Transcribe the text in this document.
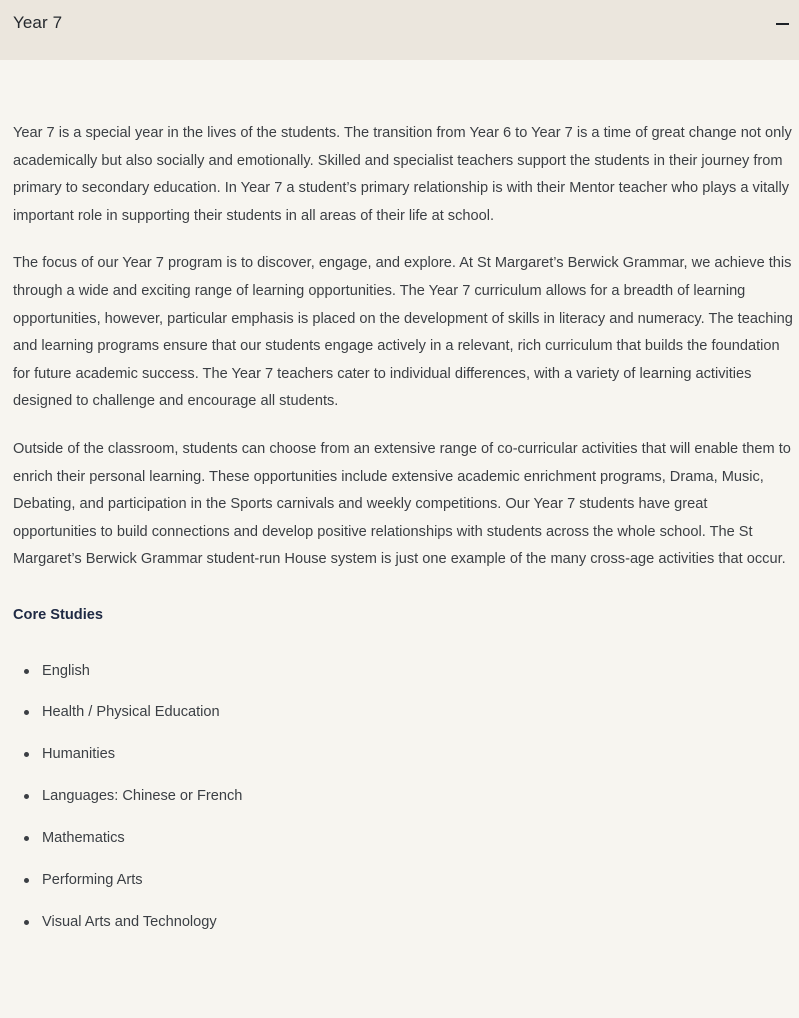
Year 7

Year 7 is a special year in the lives of the students. The transition from Year 6 to Year 7 is a time of great change not only academically but also socially and emotionally. Skilled and specialist teachers support the students in their journey from primary to secondary education. In Year 7 a student’s primary relationship is with their Mentor teacher who plays a vitally important role in supporting their students in all areas of their life at school.

The focus of our Year 7 program is to discover, engage, and explore. At St Margaret’s Berwick Grammar, we achieve this through a wide and exciting range of learning opportunities. The Year 7 curriculum allows for a breadth of learning opportunities, however, particular emphasis is placed on the development of skills in literacy and numeracy. The teaching and learning programs ensure that our students engage actively in a relevant, rich curriculum that builds the foundation for future academic success. The Year 7 teachers cater to individual differences, with a variety of learning activities designed to challenge and encourage all students.

Outside of the classroom, students can choose from an extensive range of co-curricular activities that will enable them to enrich their personal learning. These opportunities include extensive academic enrichment programs, Drama, Music, Debating, and participation in the Sports carnivals and weekly competitions. Our Year 7 students have great opportunities to build connections and develop positive relationships with students across the whole school. The St Margaret’s Berwick Grammar student-run House system is just one example of the many cross-age activities that occur.

Core Studies
English
Health / Physical Education
Humanities
Languages: Chinese or French
Mathematics
Performing Arts
Visual Arts and Technology
